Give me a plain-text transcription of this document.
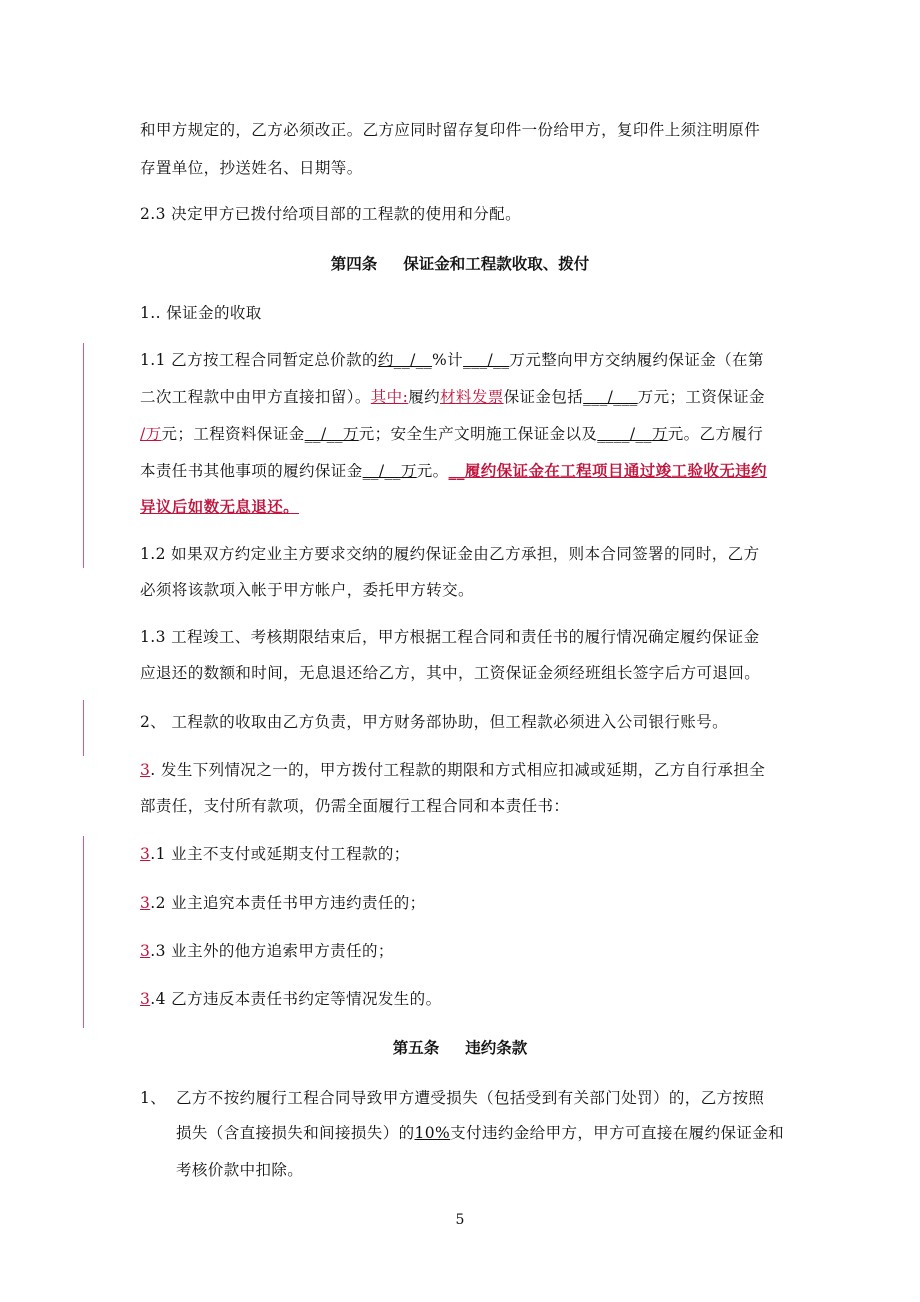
和甲方规定的，乙方必须改正。乙方应同时留存复印件一份给甲方，复印件上须注明原件
存置单位，抄送姓名、日期等。
2.3 决定甲方已拨付给项目部的工程款的使用和分配。
第四条 保证金和工程款收取、拨付
1.. 保证金的收取
1.1 乙方按工程合同暂定总价款的约__/__%计___/__万元整向甲方交纳履约保证金（在第
二次工程款中由甲方直接扣留）。其中:履约材料发票保证金包括___/___万元；工资保证金
/万元；工程资料保证金__/__万元；安全生产文明施工保证金以及____/__万元。乙方履行
本责任书其他事项的履约保证金__/__万元。__履约保证金在工程项目通过竣工验收无违约
异议后如数无息退还。
1.2 如果双方约定业主方要求交纳的履约保证金由乙方承担，则本合同签署的同时，乙方
必须将该款项入帐于甲方帐户，委托甲方转交。
1.3 工程竣工、考核期限结束后，甲方根据工程合同和责任书的履行情况确定履约保证金
应退还的数额和时间，无息退还给乙方，其中，工资保证金须经班组长签字后方可退回。
2、 工程款的收取由乙方负责，甲方财务部协助，但工程款必须进入公司银行账号。
3. 发生下列情况之一的，甲方拨付工程款的期限和方式相应扣减或延期，乙方自行承担全
部责任，支付所有款项，仍需全面履行工程合同和本责任书：
3.1 业主不支付或延期支付工程款的；
3.2 业主追究本责任书甲方违约责任的；
3.3 业主外的他方追索甲方责任的；
3.4 乙方违反本责任书约定等情况发生的。
第五条 违约条款
1、 乙方不按约履行工程合同导致甲方遭受损失（包括受到有关部门处罚）的，乙方按照
损失（含直接损失和间接损失）的10%支付违约金给甲方，甲方可直接在履约保证金和
考核价款中扣除。
5
